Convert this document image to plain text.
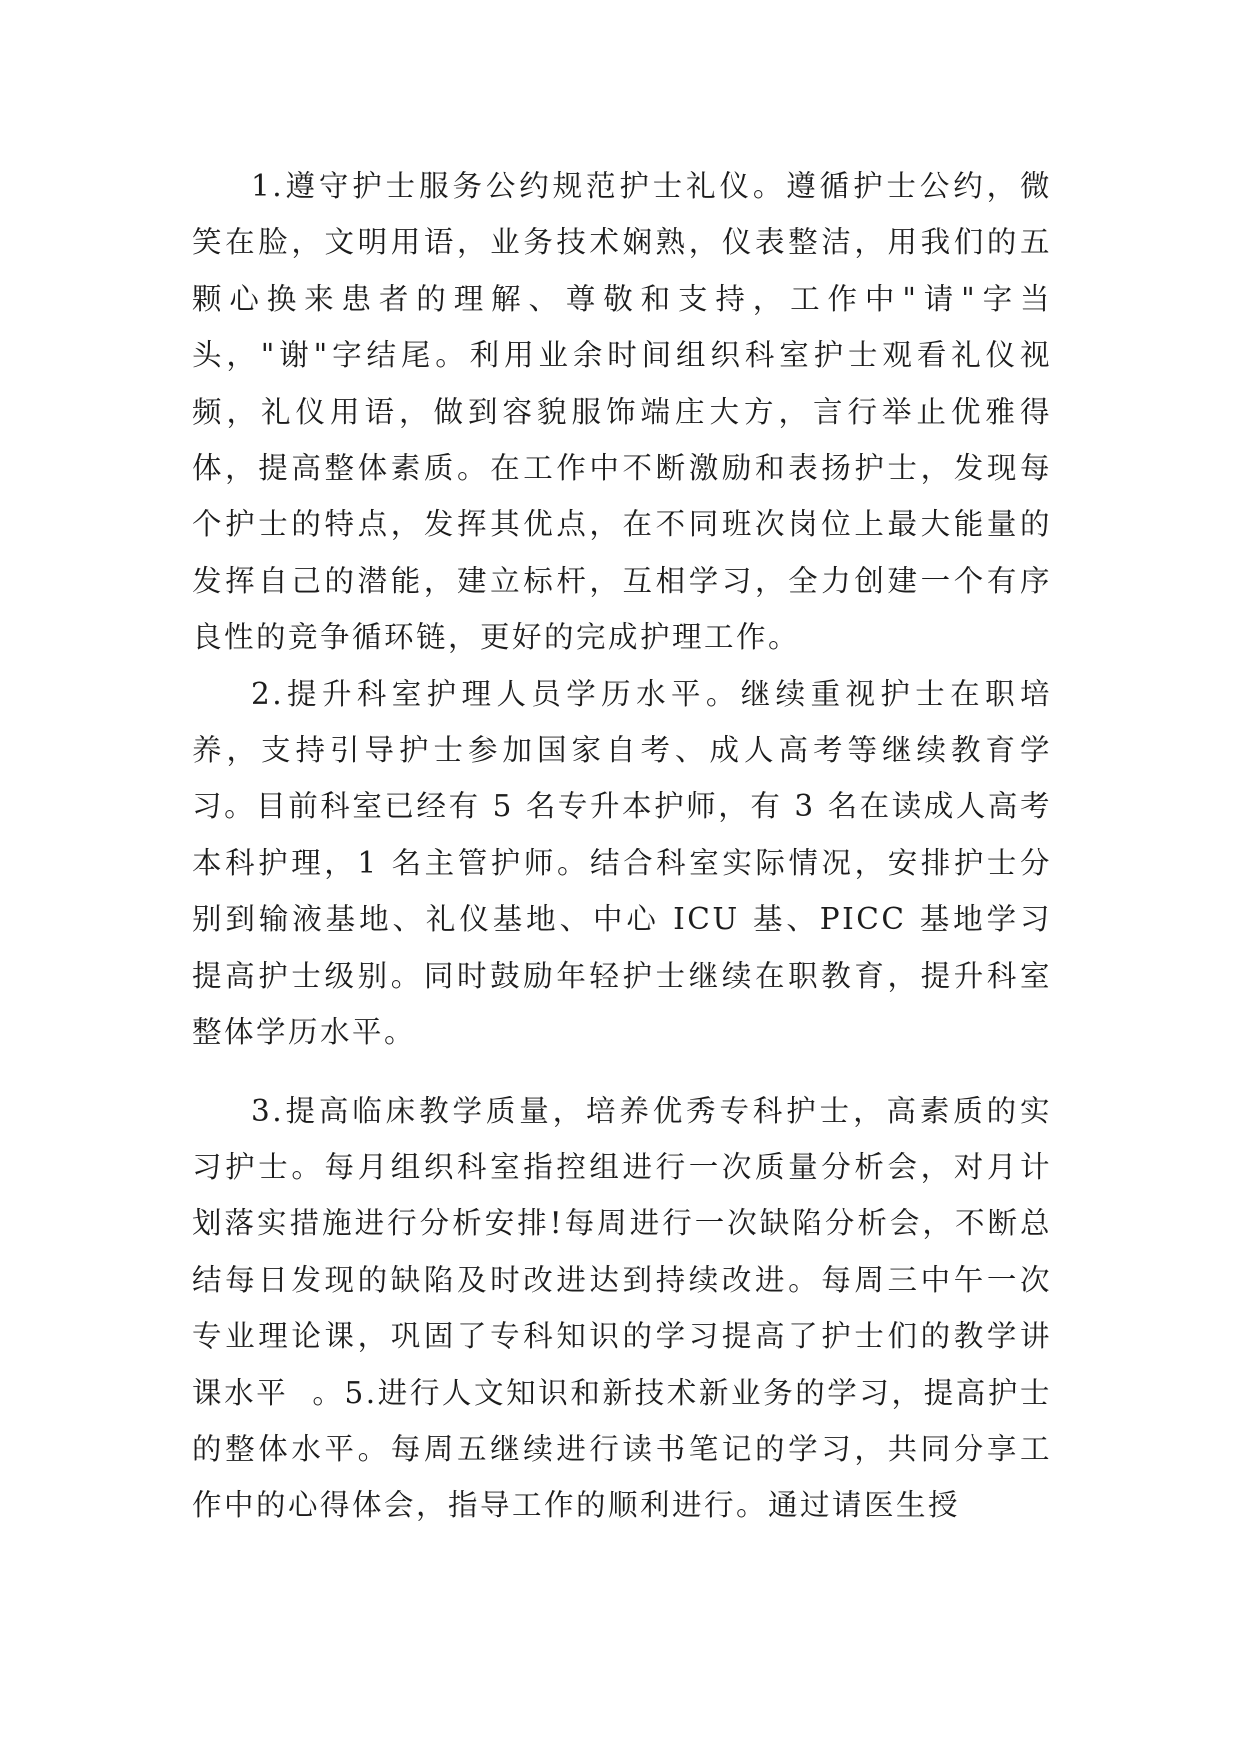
1.遵守护士服务公约规范护士礼仪。遵循护士公约，微笑在脸，文明用语，业务技术娴熟，仪表整洁，用我们的五颗心换来患者的理解、尊敬和支持，工作中"请"字当头，"谢"字结尾。利用业余时间组织科室护士观看礼仪视频，礼仪用语，做到容貌服饰端庄大方，言行举止优雅得体，提高整体素质。在工作中不断激励和表扬护士，发现每个护士的特点，发挥其优点，在不同班次岗位上最大能量的发挥自己的潜能，建立标杆，互相学习，全力创建一个有序良性的竞争循环链，更好的完成护理工作。

2.提升科室护理人员学历水平。继续重视护士在职培养，支持引导护士参加国家自考、成人高考等继续教育学习。目前科室已经有 5 名专升本护师，有 3 名在读成人高考本科护理，1 名主管护师。结合科室实际情况，安排护士分别到输液基地、礼仪基地、中心 ICU 基、PICC 基地学习提高护士级别。同时鼓励年轻护士继续在职教育，提升科室整体学历水平。

3.提高临床教学质量，培养优秀专科护士，高素质的实习护士。每月组织科室指控组进行一次质量分析会，对月计划落实措施进行分析安排!每周进行一次缺陷分析会，不断总结每日发现的缺陷及时改进达到持续改进。每周三中午一次专业理论课，巩固了专科知识的学习提高了护士们的教学讲课水平  。5.进行人文知识和新技术新业务的学习，提高护士的整体水平。每周五继续进行读书笔记的学习，共同分享工作中的心得体会，指导工作的顺利进行。通过请医生授
